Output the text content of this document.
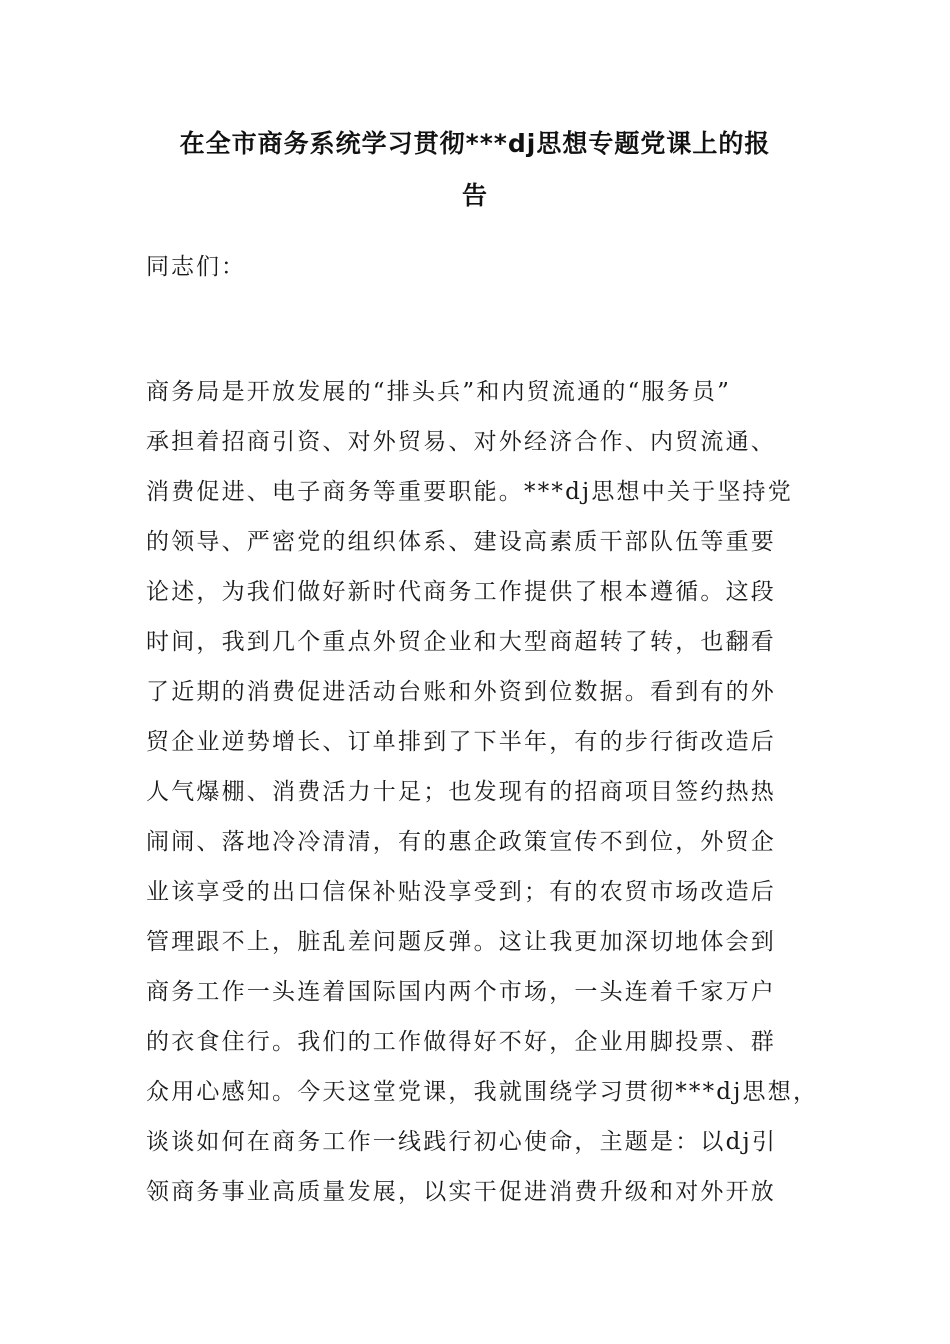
在全市商务系统学习贯彻***dj思想专题党课上的报
告
同志们：
商务局是开放发展的“排头兵”和内贸流通的“服务员”
承担着招商引资、对外贸易、对外经济合作、内贸流通、
消费促进、电子商务等重要职能。***dj思想中关于坚持党
的领导、严密党的组织体系、建设高素质干部队伍等重要
论述，为我们做好新时代商务工作提供了根本遵循。这段
时间，我到几个重点外贸企业和大型商超转了转，也翻看
了近期的消费促进活动台账和外资到位数据。看到有的外
贸企业逆势增长、订单排到了下半年，有的步行街改造后
人气爆棚、消费活力十足；也发现有的招商项目签约热热
闹闹、落地冷冷清清，有的惠企政策宣传不到位，外贸企
业该享受的出口信保补贴没享受到；有的农贸市场改造后
管理跟不上，脏乱差问题反弹。这让我更加深切地体会到
商务工作一头连着国际国内两个市场，一头连着千家万户
的衣食住行。我们的工作做得好不好，企业用脚投票、群
众用心感知。今天这堂党课，我就围绕学习贯彻***dj思想，
谈谈如何在商务工作一线践行初心使命，主题是：以dj引
领商务事业高质量发展，以实干促进消费升级和对外开放
